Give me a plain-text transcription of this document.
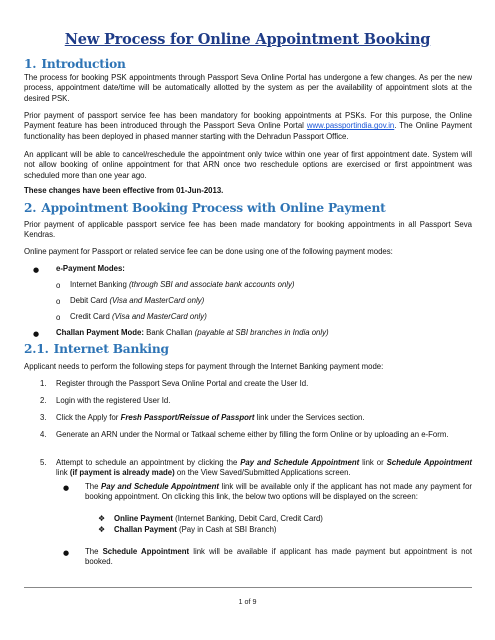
New Process for Online Appointment Booking
1. Introduction
The process for booking PSK appointments through Passport Seva Online Portal has undergone a few changes. As per the new process, appointment date/time will be automatically allotted by the system as per the availability of appointment slots at the desired PSK.
Prior payment of passport service fee has been mandatory for booking appointments at PSKs. For this purpose, the Online Payment feature has been introduced through the Passport Seva Online Portal www.passportindia.gov.in. The Online Payment functionality has been deployed in phased manner starting with the Dehradun Passport Office.
An applicant will be able to cancel/reschedule the appointment only twice within one year of first appointment date. System will not allow booking of online appointment for that ARN once two reschedule options are exercised or first appointment was scheduled more than one year ago.
These changes have been effective from 01-Jun-2013.
2. Appointment Booking Process with Online Payment
Prior payment of applicable passport service fee has been made mandatory for booking appointments in all Passport Seva Kendras.
Online payment for Passport or related service fee can be done using one of the following payment modes:
● e-Payment Modes:
o Internet Banking (through SBI and associate bank accounts only)
o Debit Card (Visa and MasterCard only)
o Credit Card (Visa and MasterCard only)
● Challan Payment Mode: Bank Challan (payable at SBI branches in India only)
2.1. Internet Banking
Applicant needs to perform the following steps for payment through the Internet Banking payment mode:
1. Register through the Passport Seva Online Portal and create the User Id.
2. Login with the registered User Id.
3. Click the Apply for Fresh Passport/Reissue of Passport link under the Services section.
4. Generate an ARN under the Normal or Tatkaal scheme either by filling the form Online or by uploading an e-Form.
5. Attempt to schedule an appointment by clicking the Pay and Schedule Appointment link or Schedule Appointment link (if payment is already made) on the View Saved/Submitted Applications screen.
● The Pay and Schedule Appointment link will be available only if the applicant has not made any payment for booking appointment. On clicking this link, the below two options will be displayed on the screen:
❖ Online Payment (Internet Banking, Debit Card, Credit Card)
❖ Challan Payment (Pay in Cash at SBI Branch)
● The Schedule Appointment link will be available if applicant has made payment but appointment is not booked.
1 of 9
